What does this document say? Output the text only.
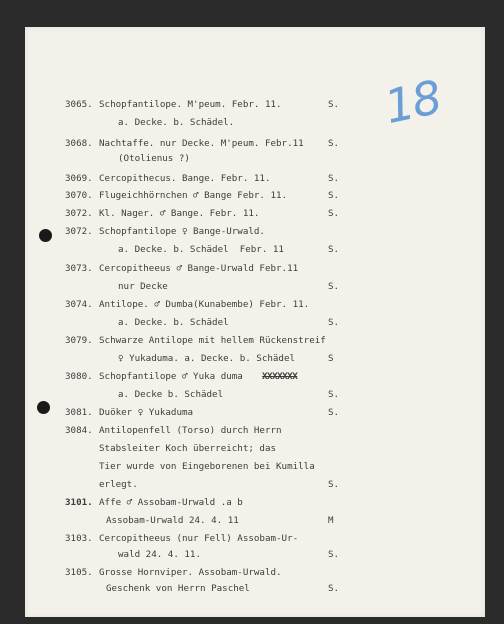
18
3065. Schopfantilope. M'peum. Febr. 11.	S.
a. Decke. b. Schädel.
3068. Nachtaffe. nur Decke. M'peum. Febr.11	S.
(Otolienus ?)
3069. Cercopithecus. Bange. Febr. 11.	S.
3070. Flugeichhörnchen ♂ Bange Febr. 11.	S.
3072. Kl. Nager. ♂ Bange. Febr. 11.	S.
3072. Schopfantilope ♀ Bange-Urwald.
a. Decke. b. Schädel  Febr. 11	S.
3073. Cercopitheeus ♂ Bange-Urwald Febr.11
nur Decke	S.
3074. Antilope. ♂ Dumba(Kunabembe) Febr. 11.
a. Decke. b. Schädel	S.
3079. Schwarze Antilope mit hellem Rückenstreif
♀ Yukaduma. a. Decke. b. Schädel	S
3080. Schopfantilope ♂ Yuka duma XXXXXXX
a. Decke b. Schädel	S.
3081. Duöker ♀ Yukaduma	S.
3084. Antilopenfell (Torso) durch Herrn
Stabsleiter Koch überreicht; das
Tier wurde von Eingeborenen bei Kumilla
erlegt.	S.
3101. Affe ♂ Assobam-Urwald .a b
Assobam-Urwald 24. 4. 11	M
3103. Cercopitheeus (nur Fell) Assobam-Ur-
wald 24. 4. 11.	S.
3105. Grosse Hornviper. Assobam-Urwald.
Geschenk von Herrn Paschel	S.
